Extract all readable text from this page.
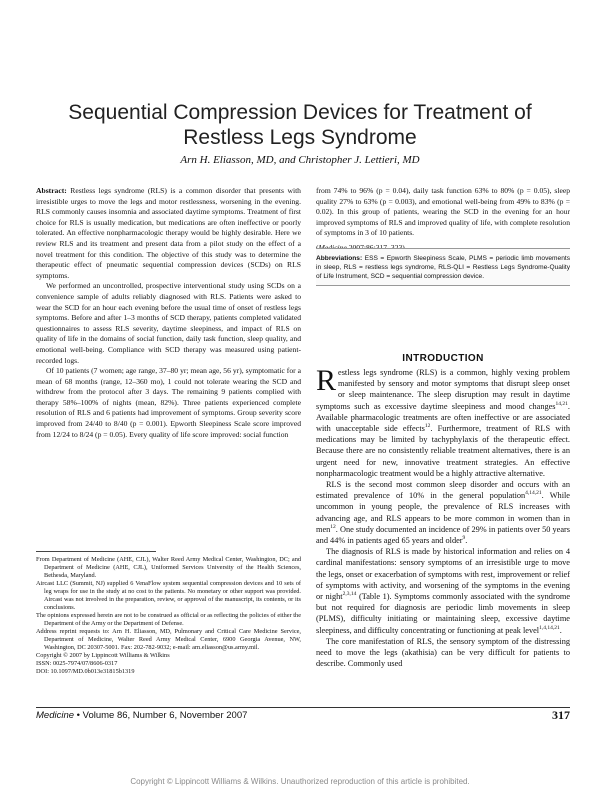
Sequential Compression Devices for Treatment of
Restless Legs Syndrome
Arn H. Eliasson, MD, and Christopher J. Lettieri, MD

Abstract: Restless legs syndrome (RLS) is a common disorder that presents with irresistible urges to move the legs and motor restlessness, worsening in the evening. RLS commonly causes insomnia and associated daytime symptoms. Treatment of first choice for RLS is usually medication, but medications are often ineffective or poorly tolerated. An effective nonpharmacologic therapy would be highly desirable. Here we review RLS and its treatment and present data from a pilot study on the effect of a novel treatment for this condition. The objective of this study was to determine the therapeutic effect of pneumatic sequential compression devices (SCDs) on RLS symptoms.

We performed an uncontrolled, prospective interventional study using SCDs on a convenience sample of adults reliably diagnosed with RLS. Patients were asked to wear the SCD for an hour each evening before the usual time of onset of restless legs symptoms. Before and after 1–3 months of SCD therapy, patients completed validated questionnaires to assess RLS severity, daytime sleepiness, and impact of RLS on quality of life in the domains of social function, daily task function, sleep quality, and emotional well-being. Compliance with SCD therapy was measured using patient-recorded logs.

Of 10 patients (7 women; age range, 37–80 yr; mean age, 56 yr), symptomatic for a mean of 68 months (range, 12–360 mo), 1 could not tolerate wearing the SCD and withdrew from the protocol after 3 days. The remaining 9 patients complied with therapy 58%–100% of nights (mean, 82%). Three patients experienced complete resolution of RLS and 6 patients had improvement of symptoms. Group severity score improved from 24/40 to 8/40 (p = 0.001). Epworth Sleepiness Scale score improved from 12/24 to 8/24 (p = 0.05). Every quality of life score improved: social function

from 74% to 96% (p = 0.04), daily task function 63% to 80% (p = 0.05), sleep quality 27% to 63% (p = 0.003), and emotional well-being from 49% to 83% (p = 0.02). In this group of patients, wearing the SCD in the evening for an hour improved symptoms of RLS and improved quality of life, with complete resolution of symptoms in 3 of 10 patients.

Abbreviations: ESS = Epworth Sleepiness Scale, PLMS = periodic limb movements in sleep, RLS = restless legs syndrome, RLS-QLI = Restless Legs Syndrome-Quality of Life Instrument, SCD = sequential compression device.

INTRODUCTION

Restless legs syndrome (RLS) is a common, highly vexing problem manifested by sensory and motor symptoms that disrupt sleep onset or sleep maintenance. The sleep disruption may result in daytime symptoms such as excessive daytime sleepiness and mood changes$^{14,21}$. Available pharmacologic treatments are often ineffective or are associated with unacceptable side effects$^{12}$. Furthermore, treatment of RLS with medications may be limited by tachyphylaxis of the therapeutic effect. Because there are no consistently reliable treatment alternatives, there is an urgent need for new, innovative treatment strategies. An effective nonpharmacologic treatment would be a highly attractive alternative.

RLS is the second most common sleep disorder and occurs with an estimated prevalence of 10% in the general population$^{4,14,21}$. While uncommon in young people, the prevalence of RLS increases with advancing age, and RLS appears to be more common in women than in men$^{12}$. One study documented an incidence of 29% in patients over 50 years and 44% in patients aged 65 years and older$^9$.

The diagnosis of RLS is made by historical information and relies on 4 cardinal manifestations: sensory symptoms of an irresistible urge to move the legs, onset or exacerbation of symptoms with rest, improvement or relief of symptoms with activity, and worsening of the symptoms in the evening or night$^{2,3,14}$ (Table 1). Symptoms commonly associated with the syndrome but not required for diagnosis are periodic limb movements in sleep (PLMS), difficulty initiating or maintaining sleep, excessive daytime sleepiness, and difficulty concentrating or functioning at peak level$^{1,4,14,21}$.

The core manifestation of RLS, the sensory symptom of the distressing need to move the legs (akathisia) can be very difficult for patients to describe. Commonly used

From Department of Medicine (AHE, CJL), Walter Reed Army Medical Center, Washington, DC; and Department of Medicine (AHE, CJL), Uniformed Services University of the Health Sciences, Bethesda, Maryland.

Aircast LLC (Summit, NJ) supplied 6 VenaFlow system sequential compression devices and 10 sets of leg wraps for use in the study at no cost to the patients. No monetary or other support was provided. Aircast was not involved in the preparation, review, or approval of the manuscript, its contents, or its conclusions.

The opinions expressed herein are not to be construed as official or as reflecting the policies of either the Department of the Army or the Department of Defense.

Address reprint requests to: Arn H. Eliasson, MD, Pulmonary and Critical Care Medicine Service, Department of Medicine, Walter Reed Army Medical Center, 6900 Georgia Avenue, NW, Washington, DC 20307-5001. Fax: 202-782-9032; e-mail: arn.eliasson@us.army.mil.

Copyright © 2007 by Lippincott Williams & Wilkins

ISSN: 0025-7974/07/8606-0317

DOI: 10.1097/MD.0b013e31815b1319

Medicine • Volume 86, Number 6, November 2007	317
Copyright © Lippincott Williams & Wilkins. Unauthorized reproduction of this article is prohibited.
